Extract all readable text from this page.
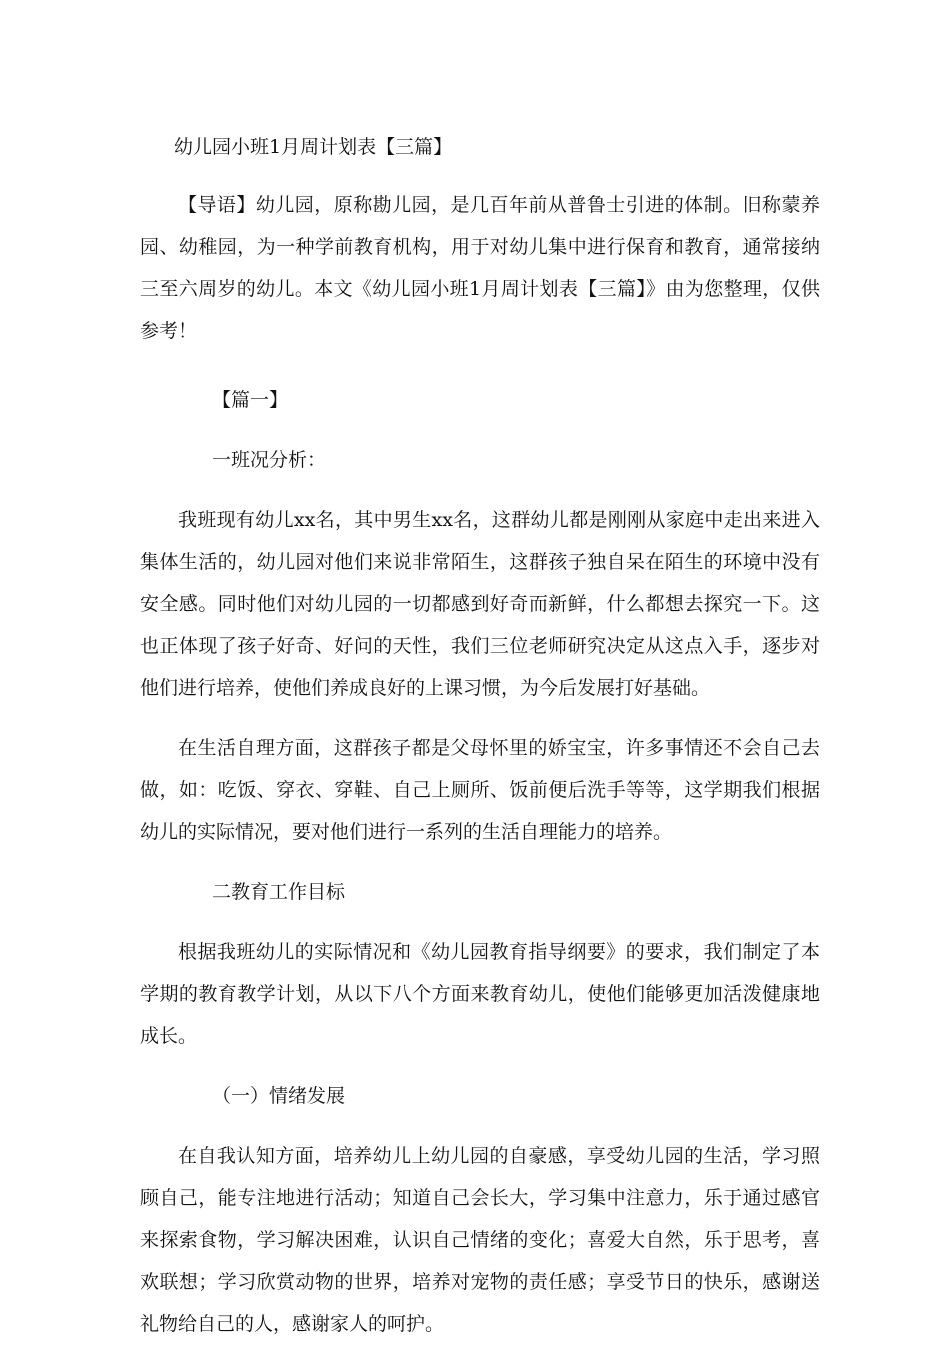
幼儿园小班1月周计划表【三篇】

【导语】幼儿园，原称勘儿园，是几百年前从普鲁士引进的体制。旧称蒙养园、幼稚园，为一种学前教育机构，用于对幼儿集中进行保育和教育，通常接纳三至六周岁的幼儿。本文《幼儿园小班1月周计划表【三篇】》由为您整理，仅供参考！

【篇一】

一班况分析：

我班现有幼儿xx名，其中男生xx名，这群幼儿都是刚刚从家庭中走出来进入集体生活的，幼儿园对他们来说非常陌生，这群孩子独自呆在陌生的环境中没有安全感。同时他们对幼儿园的一切都感到好奇而新鲜，什么都想去探究一下。这也正体现了孩子好奇、好问的天性，我们三位老师研究决定从这点入手，逐步对他们进行培养，使他们养成良好的上课习惯，为今后发展打好基础。

在生活自理方面，这群孩子都是父母怀里的娇宝宝，许多事情还不会自己去做，如：吃饭、穿衣、穿鞋、自己上厕所、饭前便后洗手等等，这学期我们根据幼儿的实际情况，要对他们进行一系列的生活自理能力的培养。

二教育工作目标

根据我班幼儿的实际情况和《幼儿园教育指导纲要》的要求，我们制定了本学期的教育教学计划，从以下八个方面来教育幼儿，使他们能够更加活泼健康地成长。

（一）情绪发展

在自我认知方面，培养幼儿上幼儿园的自豪感，享受幼儿园的生活，学习照顾自己，能专注地进行活动；知道自己会长大，学习集中注意力，乐于通过感官来探索食物，学习解决困难，认识自己情绪的变化；喜爱大自然，乐于思考，喜欢联想；学习欣赏动物的世界，培养对宠物的责任感；享受节日的快乐，感谢送礼物给自己的人，感谢家人的呵护。
